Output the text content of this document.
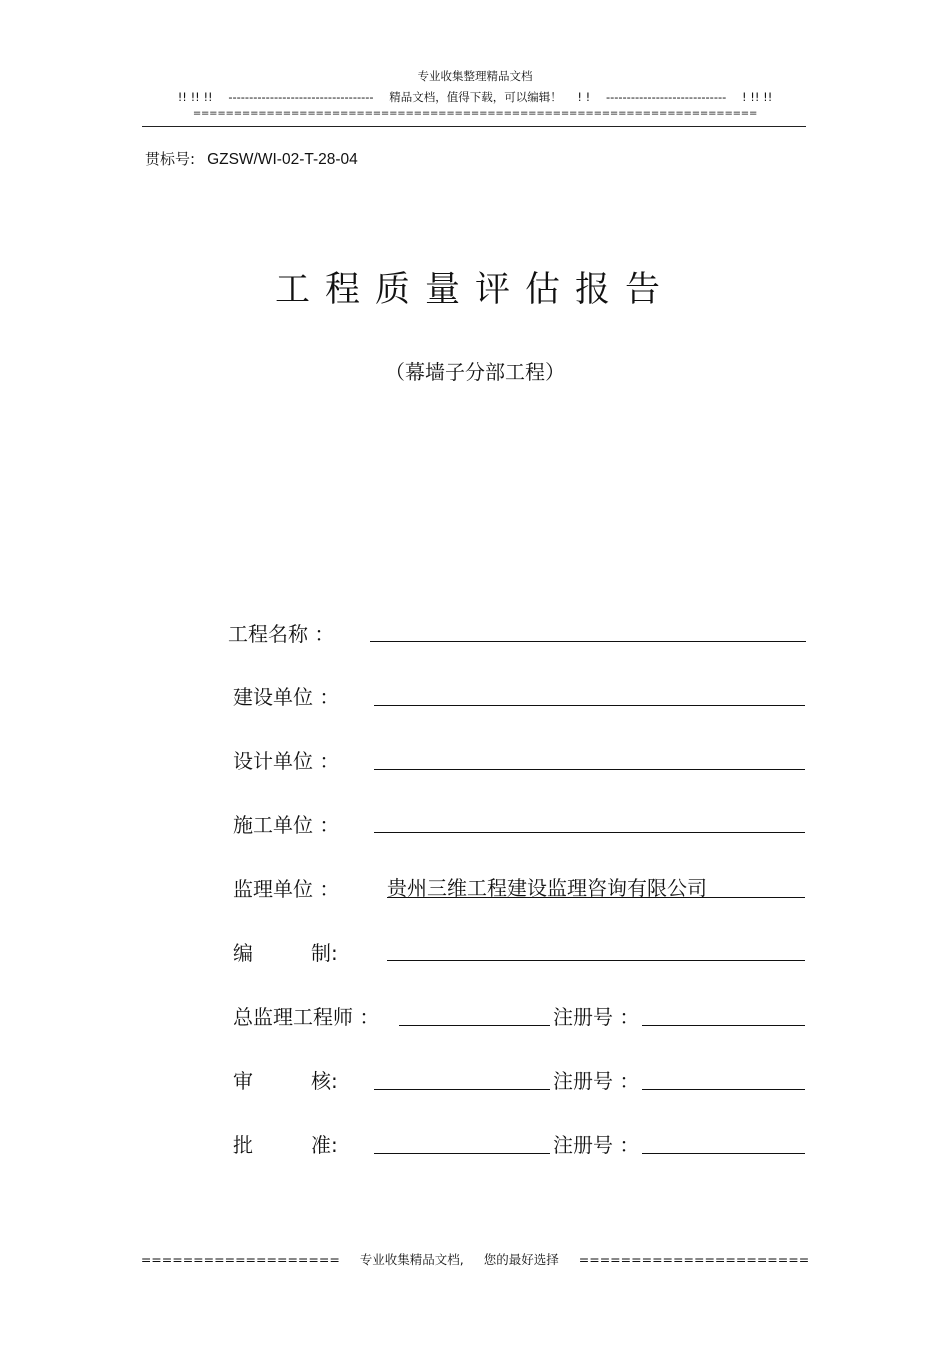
专业收集整理精品文档
!! !! !! ----------------------------------- 精品文档，值得下载，可以编辑！ ! ! ----------------------------- ! !! !!
=====================================================================
贯标号: GZSW/WI-02-T-28-04
工程质量评估报告
（幕墙子分部工程）
工程名称 ：
建设单位 ：
设计单位 ：
施工单位 ：
监理单位 ： 贵州三维工程建设监理咨询有限公司
编	制:
总监理工程师 ：	注册号 ：
审	核:	注册号 ：
批	准:	注册号 ：
=================== 专业收集精品文档, 您的最好选择 ======================
